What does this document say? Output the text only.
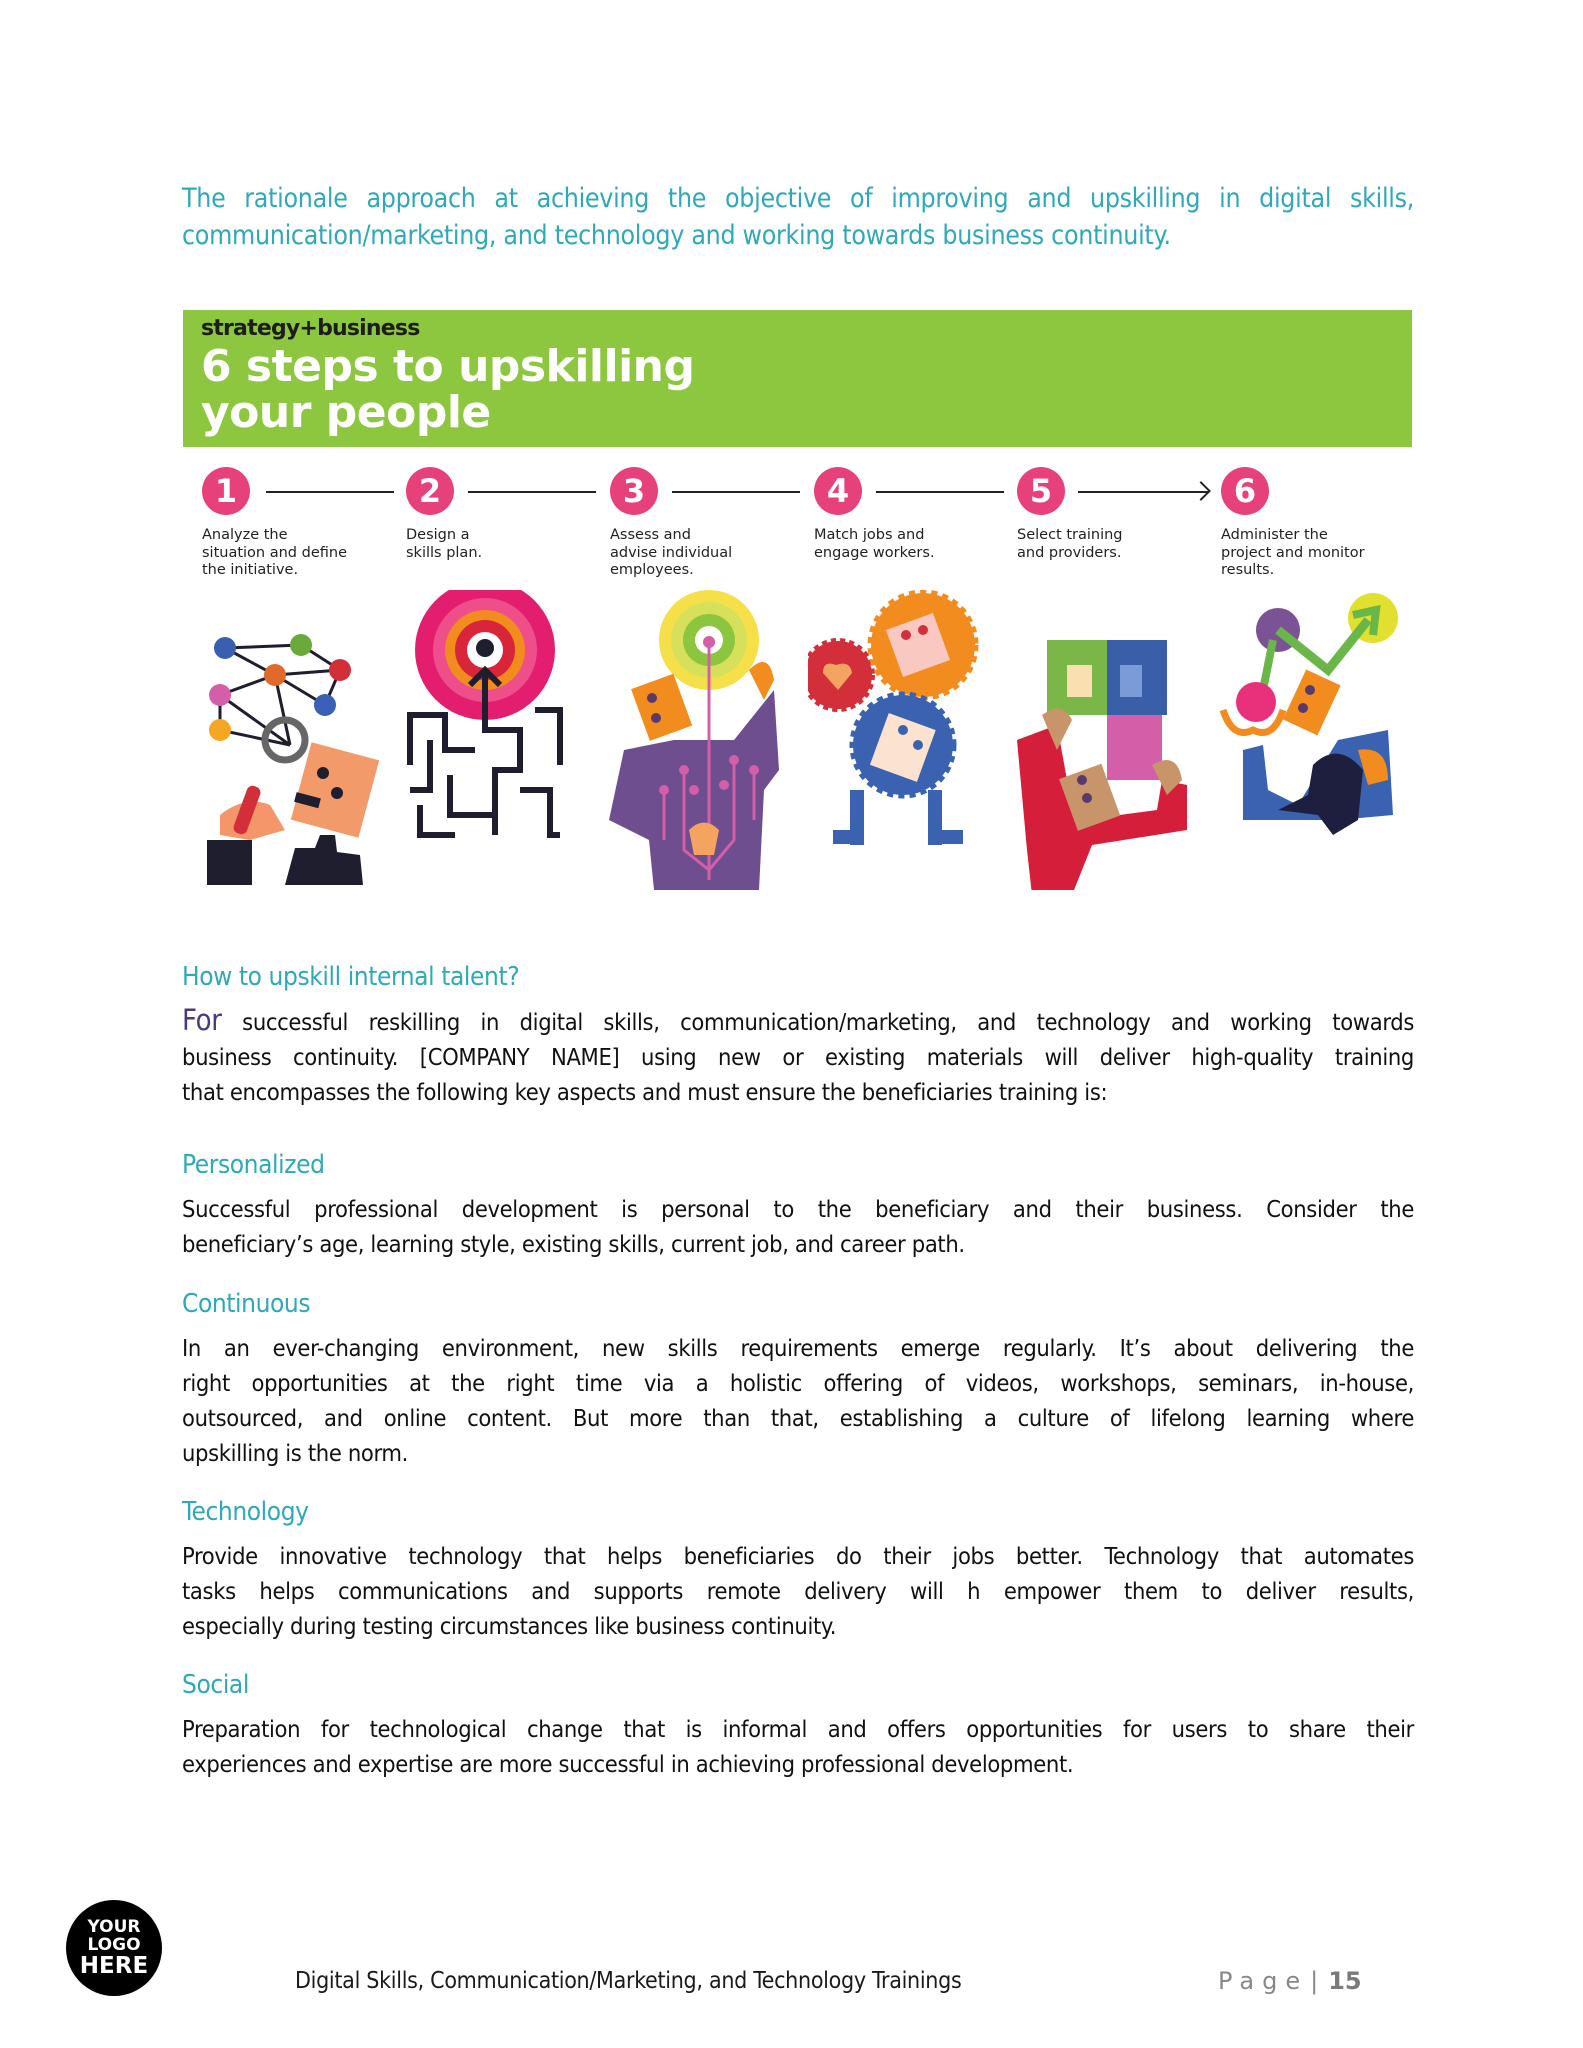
The rationale approach at achieving the objective of improving and upskilling in digital skills,
communication/marketing, and technology and working towards business continuity.
strategy+business
6 steps to upskilling
your people
1
Analyze the
situation and define
the initiative.
2
Design a
skills plan.
3
Assess and
advise individual
employees.
4
Match jobs and
engage workers.
5
Select training
and providers.
6
Administer the
project and monitor
results.
How to upskill internal talent?
For successful reskilling in digital skills, communication/marketing, and technology and working towards
business continuity. [COMPANY NAME] using new or existing materials will deliver high-quality training
that encompasses the following key aspects and must ensure the beneficiaries training is:
Personalized
Successful professional development is personal to the beneficiary and their business. Consider the
beneficiary’s age, learning style, existing skills, current job, and career path.
Continuous
In an ever-changing environment, new skills requirements emerge regularly. It’s about delivering the
right opportunities at the right time via a holistic offering of videos, workshops, seminars, in-house,
outsourced, and online content. But more than that, establishing a culture of lifelong learning where
upskilling is the norm.
Technology
Provide innovative technology that helps beneficiaries do their jobs better. Technology that automates
tasks helps communications and supports remote delivery will h empower them to deliver results,
especially during testing circumstances like business continuity.
Social
Preparation for technological change that is informal and offers opportunities for users to share their
experiences and expertise are more successful in achieving professional development.
YOUR
LOGO
HERE
Digital Skills, Communication/Marketing, and Technology Trainings	Page| 15
